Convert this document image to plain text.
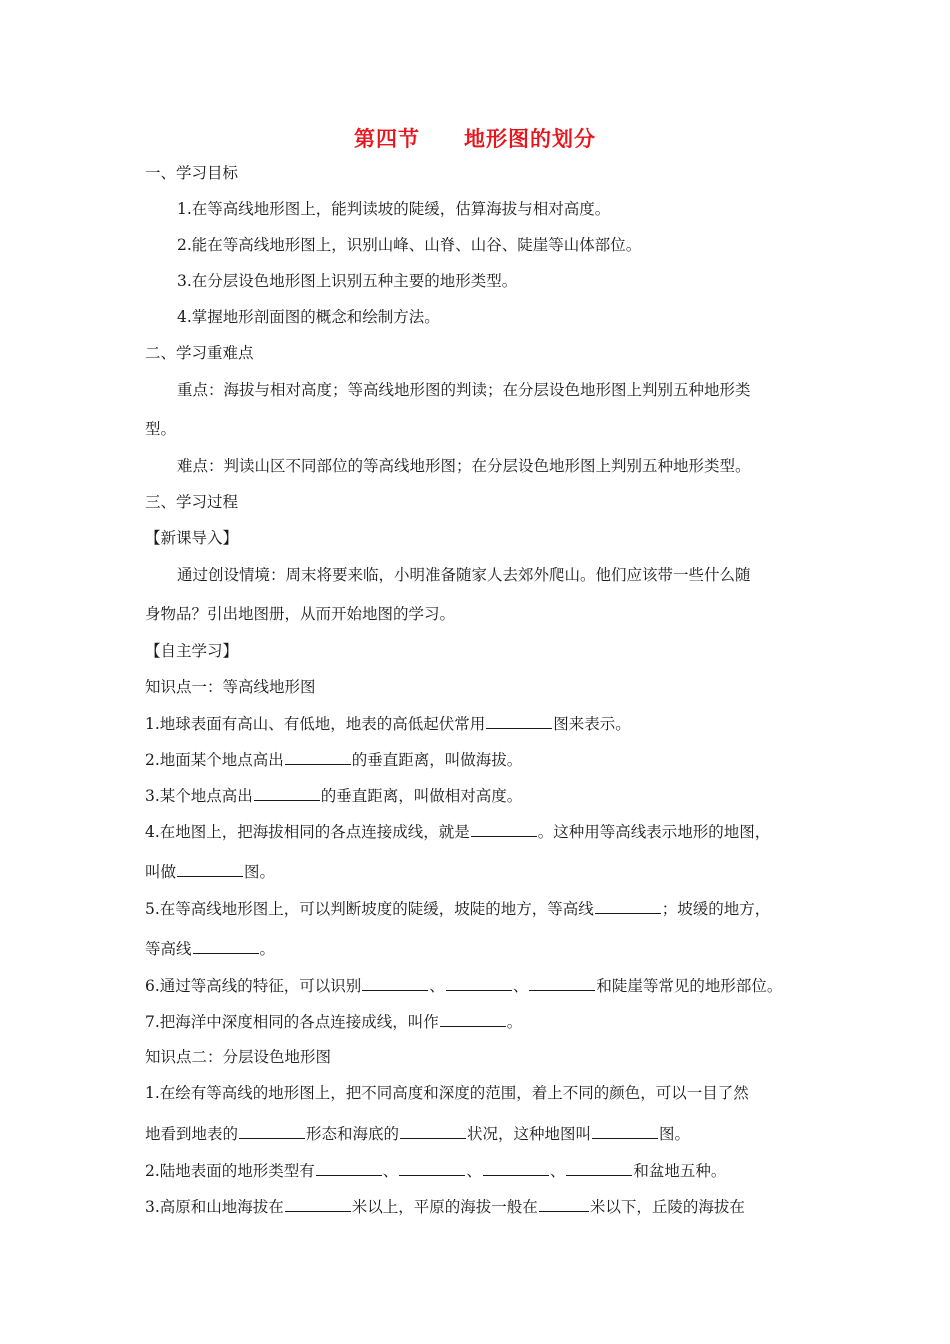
第四节　　地形图的划分
一、学习目标
1.在等高线地形图上，能判读坡的陡缓，估算海拔与相对高度。
2.能在等高线地形图上，识别山峰、山脊、山谷、陡崖等山体部位。
3.在分层设色地形图上识别五种主要的地形类型。
4.掌握地形剖面图的概念和绘制方法。
二、学习重难点
重点：海拔与相对高度；等高线地形图的判读；在分层设色地形图上判别五种地形类
型。
难点：判读山区不同部位的等高线地形图；在分层设色地形图上判别五种地形类型。
三、学习过程
【新课导入】
通过创设情境：周末将要来临，小明准备随家人去郊外爬山。他们应该带一些什么随
身物品？引出地图册，从而开始地图的学习。
【自主学习】
知识点一：等高线地形图
1.地球表面有高山、有低地，地表的高低起伏常用	图来表示。
2.地面某个地点高出	的垂直距离，叫做海拔。
3.某个地点高出	的垂直距离，叫做相对高度。
4.在地图上，把海拔相同的各点连接成线，就是	。这种用等高线表示地形的地图，
叫做	图。
5.在等高线地形图上，可以判断坡度的陡缓，坡陡的地方，等高线	；坡缓的地方，
等高线	。
6.通过等高线的特征，可以识别	、	、	和陡崖等常见的地形部位。
7.把海洋中深度相同的各点连接成线，叫作	。
知识点二：分层设色地形图
1.在绘有等高线的地形图上，把不同高度和深度的范围，着上不同的颜色，可以一目了然
地看到地表的	形态和海底的	状况，这种地图叫	图。
2.陆地表面的地形类型有	、	、	、	和盆地五种。
3.高原和山地海拔在	米以上，平原的海拔一般在	米以下，丘陵的海拔在
